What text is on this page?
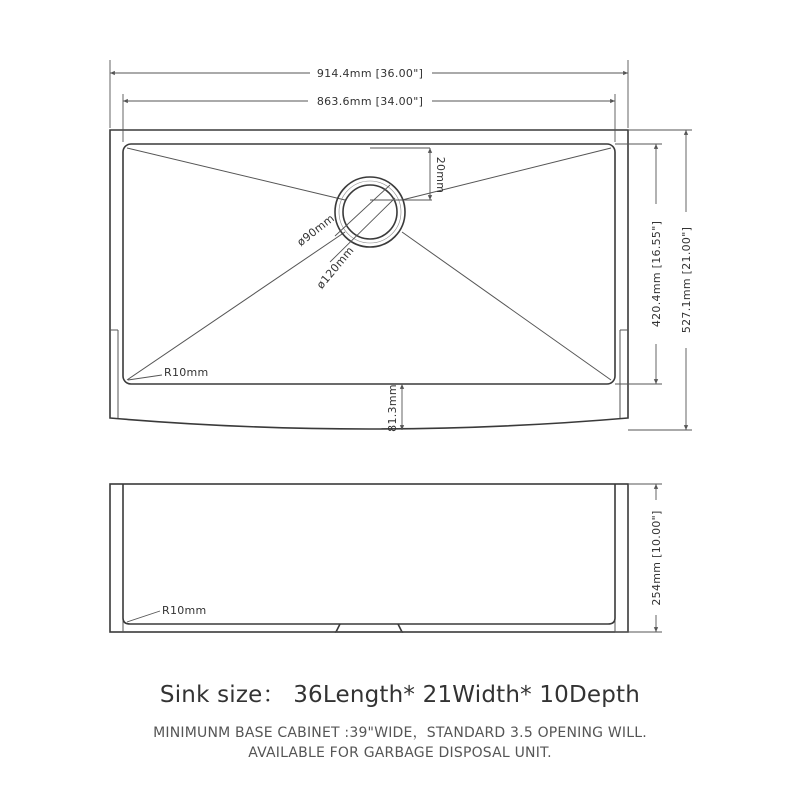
20mm
ø90mm
ø120mm
R10mm
914.4mm [36.00"]
863.6mm [34.00"]
420.4mm [16.55"] 527.1mm [21.00"]
81.3mm
R10mm
254mm [10.00"]
Sink size： 36Length* 21Width* 10Depth
MINIMUNM BASE CABINET :39"WIDE，STANDARD 3.5 OPENING WILL.
AVAILABLE FOR GARBAGE DISPOSAL UNIT.
